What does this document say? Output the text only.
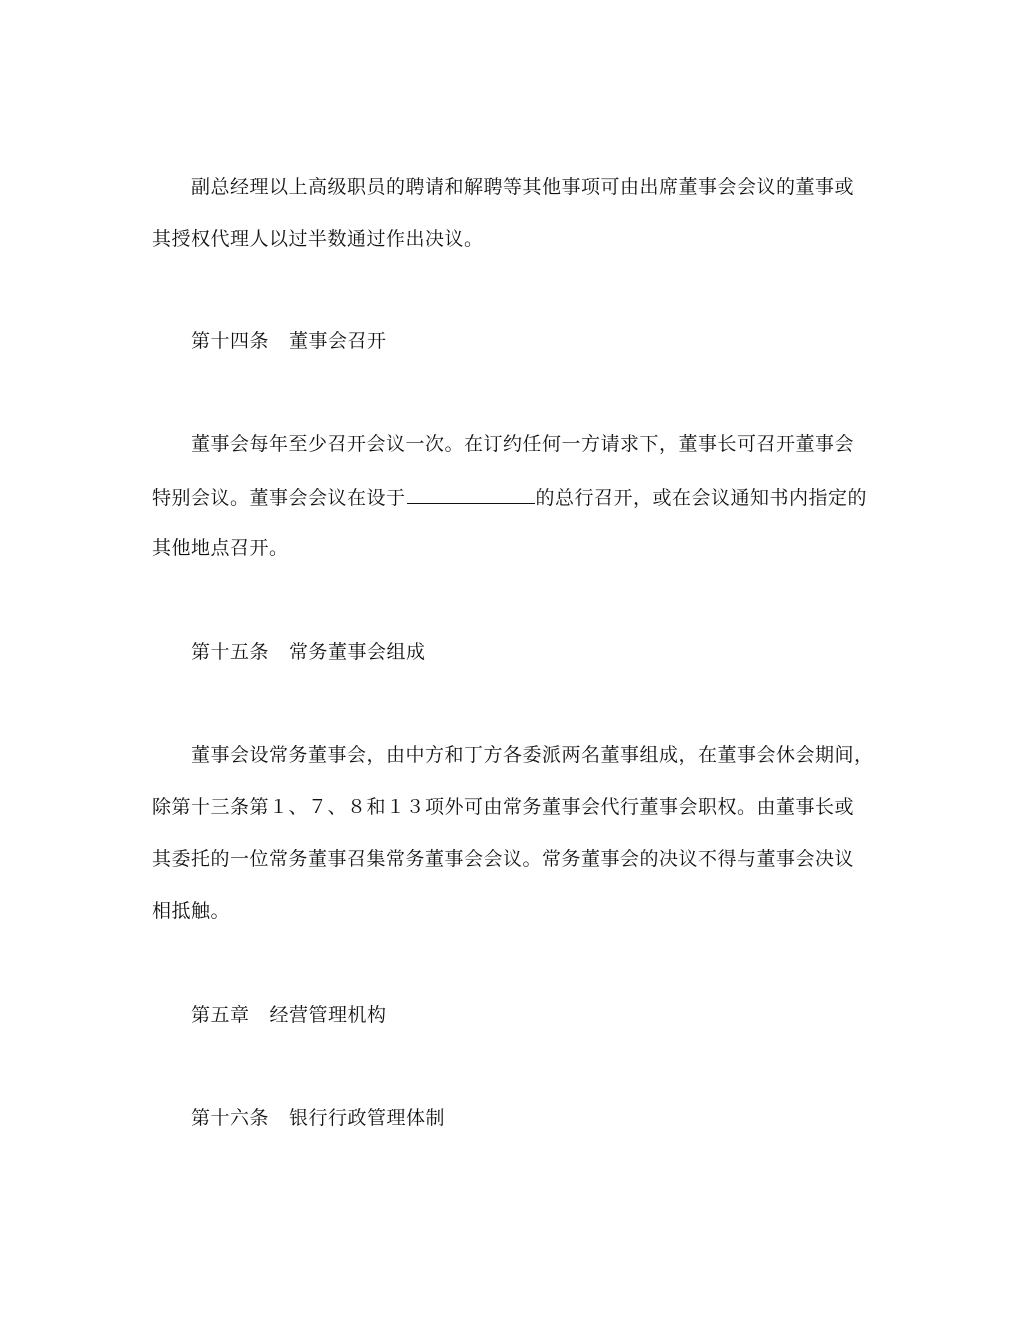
副总经理以上高级职员的聘请和解聘等其他事项可由出席董事会会议的董事或
其授权代理人以过半数通过作出决议。
第十四条 董事会召开
董事会每年至少召开会议一次。在订约任何一方请求下，董事长可召开董事会
特别会议。董事会会议在设于	的总行召开，或在会议通知书内指定的
其他地点召开。
第十五条 常务董事会组成
董事会设常务董事会，由中方和丁方各委派两名董事组成，在董事会休会期间，
除第十三条第１、７、８和１３项外可由常务董事会代行董事会职权。由董事长或
其委托的一位常务董事召集常务董事会会议。常务董事会的决议不得与董事会决议
相抵触。
第五章 经营管理机构
第十六条 银行行政管理体制
